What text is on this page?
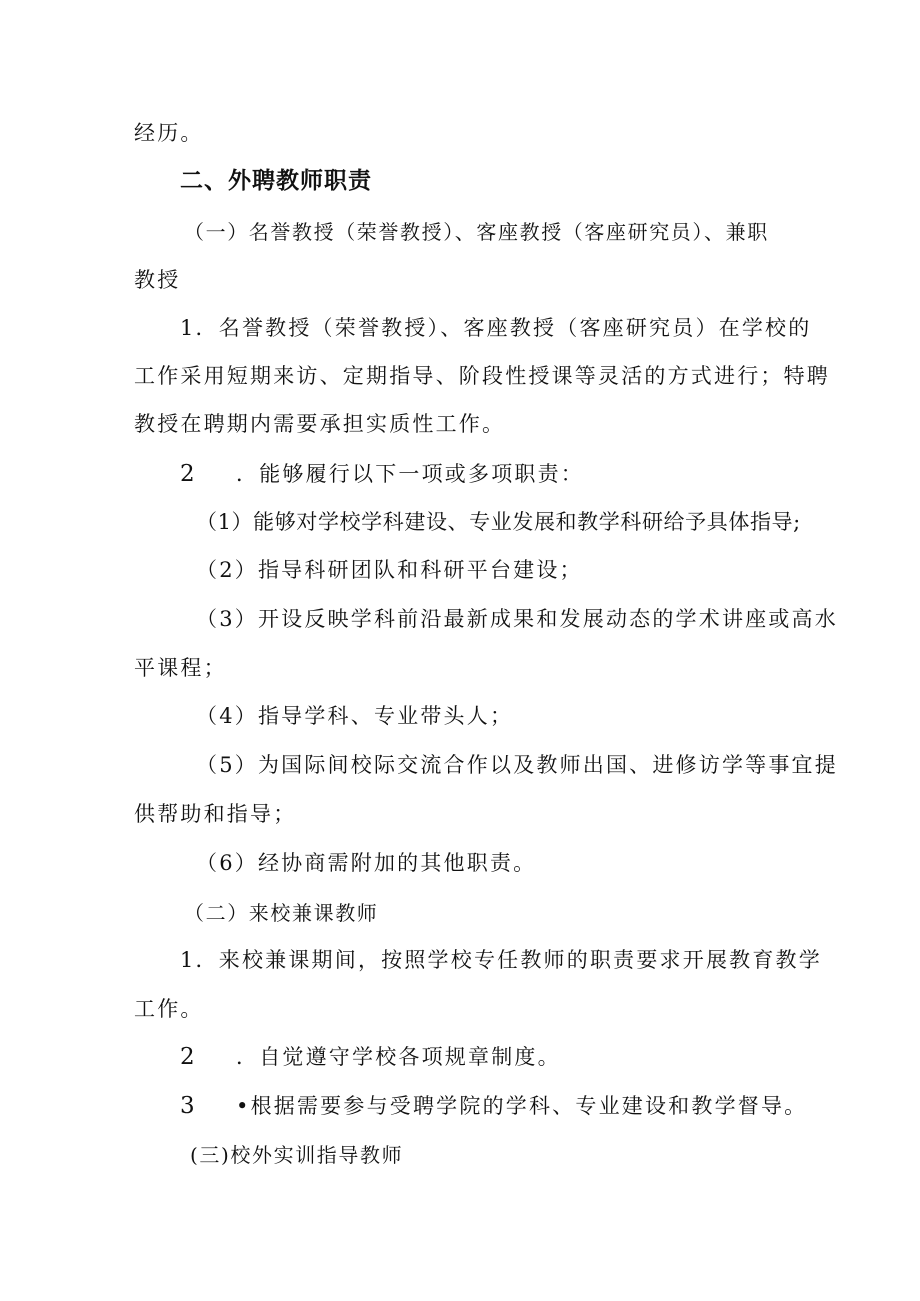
经历。
二、外聘教师职责
（一）名誉教授（荣誉教授）、客座教授（客座研究员）、兼职
教授
1．名誉教授（荣誉教授）、客座教授（客座研究员）在学校的
工作采用短期来访、定期指导、阶段性授课等灵活的方式进行；特聘
教授在聘期内需要承担实质性工作。
2 ．能够履行以下一项或多项职责：
（1）能够对学校学科建设、专业发展和教学科研给予具体指导;
（2）指导科研团队和科研平台建设；
（3）开设反映学科前沿最新成果和发展动态的学术讲座或高水
平课程；
（4）指导学科、专业带头人；
（5）为国际间校际交流合作以及教师出国、进修访学等事宜提
供帮助和指导；
（6）经协商需附加的其他职责。
（二）来校兼课教师
1．来校兼课期间，按照学校专任教师的职责要求开展教育教学
工作。
2 ．自觉遵守学校各项规章制度。
3 •根据需要参与受聘学院的学科、专业建设和教学督导。
(三)校外实训指导教师
